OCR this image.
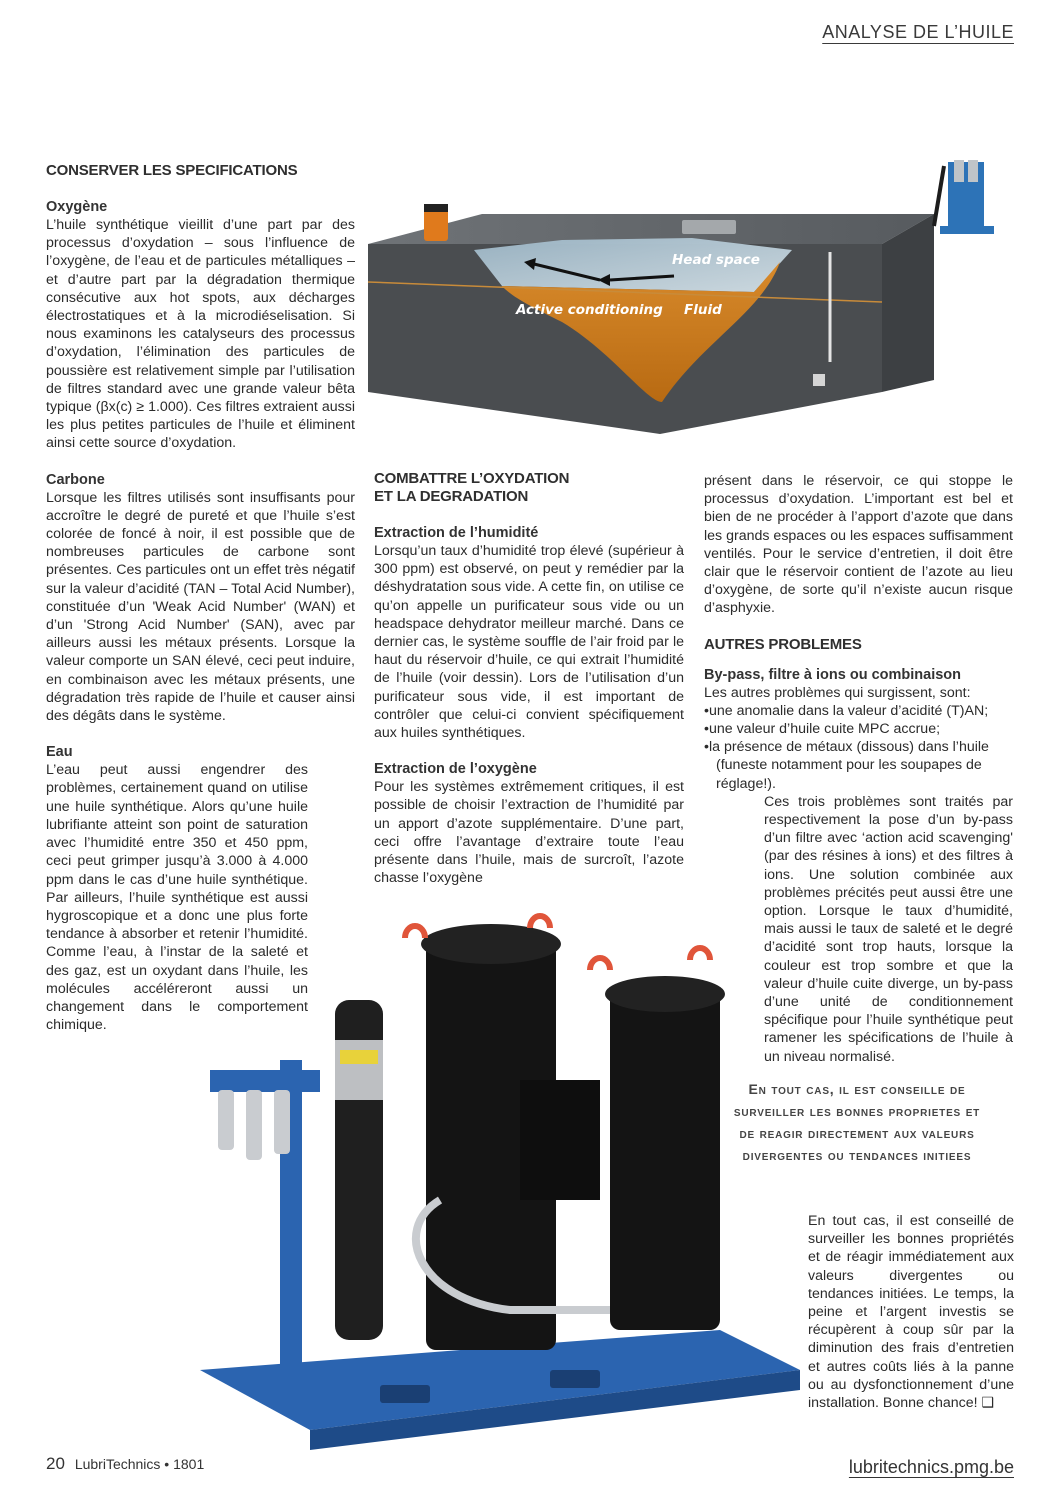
ANALYSE DE L’HUILE
Head space
Active conditioning Fluid
CONSERVER LES SPECIFICATIONS
Oxygène

L’huile synthétique vieillit d’une part par des processus d’oxydation – sous l’influence de l’oxygène, de l’eau et de particules métalliques – et d’autre part par la dégradation thermique consécutive aux hot spots, aux décharges électrostatiques et à la microdiéselisation. Si nous examinons les catalyseurs des processus d’oxydation, l’élimination des particules de poussière est relativement simple par l’utilisation de filtres standard avec une grande valeur bêta typique (βx(c) ≥ 1.000). Ces filtres extraient aussi les plus petites particules de l’huile et éliminent ainsi cette source d’oxydation.

Carbone

Lorsque les filtres utilisés sont insuffisants pour accroître le degré de pureté et que l’huile s’est colorée de foncé à noir, il est possible que de nombreuses particules de carbone sont présentes. Ces particules ont un effet très négatif sur la valeur d’acidité (TAN – Total Acid Number), constituée d’un 'Weak Acid Number' (WAN) et d’un 'Strong Acid Number' (SAN), avec par ailleurs aussi les métaux présents. Lorsque la valeur comporte un SAN élevé, ceci peut induire, en combinaison avec les métaux présents, une dégradation très rapide de l’huile et causer ainsi des dégâts dans le système.

Eau

L’eau peut aussi engendrer des problèmes, certainement quand on utilise une huile synthétique. Alors qu’une huile lubrifiante atteint son point de saturation avec l’humidité entre 350 et 450 ppm, ceci peut grimper jusqu’à 3.000 à 4.000 ppm dans le cas d’une huile synthétique. Par ailleurs, l’huile synthétique est aussi hygroscopique et a donc une plus forte tendance à absorber et retenir l’humidité. Comme l’eau, à l’instar de la saleté et des gaz, est un oxydant dans l’huile, les molécules accéléreront aussi un changement dans le comportement chimique.

COMBATTRE L’OXYDATION
ET LA DEGRADATION
Extraction de l’humidité

Lorsqu’un taux d’humidité trop élevé (supérieur à 300 ppm) est observé, on peut y remédier par la déshydratation sous vide. A cette fin, on utilise ce qu’on appelle un purificateur sous vide ou un headspace dehydrator meilleur marché. Dans ce dernier cas, le système souffle de l’air froid par le haut du réservoir d’huile, ce qui extrait l’humidité de l’huile (voir dessin). Lors de l’utilisation d’un purificateur sous vide, il est important de contrôler que celui-ci convient spécifiquement aux huiles synthétiques.

Extraction de l’oxygène

Pour les systèmes extrêmement critiques, il est possible de choisir l’extraction de l’humidité par un apport d’azote supplémentaire. D’une part, ceci offre l’avantage d’extraire toute l’eau présente dans l’huile, mais de surcroît, l’azote chasse l’oxygène

présent dans le réservoir, ce qui stoppe le processus d’oxydation. L’important est bel et bien de ne procéder à l’apport d’azote que dans les grands espaces ou les espaces suffisamment ventilés. Pour le service d’entretien, il doit être clair que le réservoir contient de l’azote au lieu d’oxygène, de sorte qu’il n’existe aucun risque d’asphyxie.

AUTRES PROBLEMES
By-pass, filtre à ions ou combinaison

Les autres problèmes qui surgissent, sont:

•une anomalie dans la valeur d’acidité (T)AN;
•une valeur d’huile cuite MPC accrue;
•la présence de métaux (dissous) dans l’huile (funeste notamment pour les soupapes de réglage!).

Ces trois problèmes sont traités par respectivement la pose d’un by-pass d’un filtre avec ‘action acid scavenging' (par des résines à ions) et des filtres à ions. Une solution combinée aux problèmes précités peut aussi être une option. Lorsque le taux d’humidité, mais aussi le taux de saleté et le degré d’acidité sont trop hauts, lorsque la couleur est trop sombre et que la valeur d’huile cuite diverge, un by-pass d’une unité de conditionnement spécifique pour l’huile synthétique peut ramener les spécifications de l’huile à un niveau normalisé.

En tout cas, il est conseille de
surveiller les bonnes proprietes et
de reagir directement aux valeurs
divergentes ou tendances initiees

En tout cas, il est conseillé de surveiller les bonnes propriétés et de réagir immédiatement aux valeurs divergentes ou tendances initiées. Le temps, la peine et l’argent investis se récupèrent à coup sûr par la diminution des frais d’entretien et autres coûts liés à la panne ou au dysfonctionnement d’une installation. Bonne chance! ❑

20 LubriTechnics • 1801	lubritechnics.pmg.be
